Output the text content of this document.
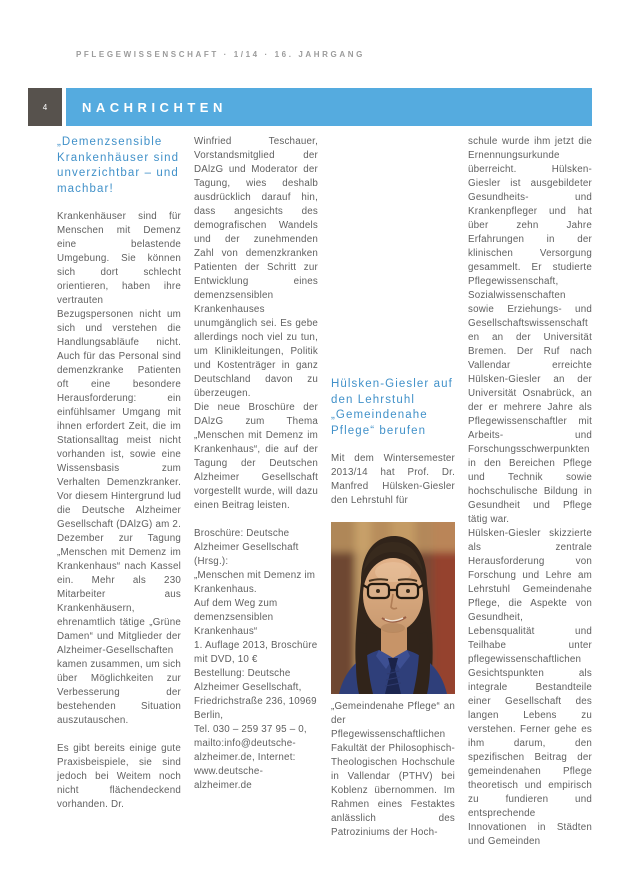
PFLEGEWISSENSCHAFT · 1/14 · 16. JAHRGANG
4	NACHRICHTEN
„Demenzsensible Krankenhäuser sind unverzichtbar – und machbar!

Krankenhäuser sind für Menschen mit Demenz eine belastende Umgebung. Sie können sich dort schlecht orientieren, haben ihre vertrauten Bezugspersonen nicht um sich und verstehen die Handlungsabläufe nicht. Auch für das Personal sind demenzkranke Patienten oft eine besondere Herausforderung: ein einfühlsamer Umgang mit ihnen erfordert Zeit, die im Stationsalltag meist nicht vorhanden ist, sowie eine Wissensbasis zum Verhalten Demenzkranker. Vor diesem Hintergrund lud die Deutsche Alzheimer Gesellschaft (DAlzG) am 2. Dezember zur Tagung „Menschen mit Demenz im Krankenhaus“ nach Kassel ein. Mehr als 230 Mitarbeiter aus Krankenhäusern, ehrenamtlich tätige „Grüne Damen“ und Mitglieder der Alzheimer-Gesellschaften kamen zusammen, um sich über Möglichkeiten zur Verbesserung der bestehenden Situation auszutauschen.

Es gibt bereits einige gute Praxisbeispiele, sie sind jedoch bei Weitem noch nicht flächendeckend vorhanden. Dr.

Winfried Teschauer, Vorstandsmitglied der DAlzG und Moderator der Tagung, wies deshalb ausdrücklich darauf hin, dass angesichts des demografischen Wandels und der zunehmenden Zahl von demenzkranken Patienten der Schritt zur Entwicklung eines demenzsensiblen Krankenhauses unumgänglich sei. Es gebe allerdings noch viel zu tun, um Klinikleitungen, Politik und Kostenträger in ganz Deutschland davon zu überzeugen.

Die neue Broschüre der DAlzG zum Thema „Menschen mit Demenz im Krankenhaus“, die auf der Tagung der Deutschen Alzheimer Gesellschaft vorgestellt wurde, will dazu einen Beitrag leisten.

Broschüre: Deutsche Alzheimer Gesellschaft (Hrsg.):
„Menschen mit Demenz im Krankenhaus.
Auf dem Weg zum demenzsensiblen Krankenhaus“
1. Auflage 2013, Broschüre mit DVD, 10 €
Bestellung: Deutsche Alzheimer Gesellschaft, Friedrichstraße 236, 10969 Berlin,
Tel. 030 – 259 37 95 – 0, mailto:info@deutsche-alzheimer.de, Internet: www.deutsche-alzheimer.de
Hülsken-Giesler auf den Lehrstuhl „Gemeindenahe Pflege“ berufen

Mit dem Wintersemester 2013/14 hat Prof. Dr. Manfred Hülsken-Giesler den Lehrstuhl für

„Gemeindenahe Pflege“ an der Pflegewissenschaftlichen Fakultät der Philosophisch-Theologischen Hochschule in Vallendar (PTHV) bei Koblenz übernommen. Im Rahmen eines Festaktes anlässlich des Patroziniums der Hoch-

schule wurde ihm jetzt die Ernennungsurkunde überreicht. Hülsken-Giesler ist ausgebildeter Gesundheits- und Krankenpfleger und hat über zehn Jahre Erfahrungen in der klinischen Versorgung gesammelt. Er studierte Pflegewissenschaft, Sozialwissenschaften sowie Erziehungs- und Gesellschaftswissenschaften an der Universität Bremen. Der Ruf nach Vallendar erreichte Hülsken-Giesler an der Universität Osnabrück, an der er mehrere Jahre als Pflegewissenschaftler mit Arbeits- und Forschungsschwerpunkten in den Bereichen Pflege und Technik sowie hochschulische Bildung in Gesundheit und Pflege tätig war.

Hülsken-Giesler skizzierte als zentrale Herausforderung von Forschung und Lehre am Lehrstuhl Gemeindenahe Pflege, die Aspekte von Gesundheit, Lebensqualität und Teilhabe unter pflegewissenschaftlichen Gesichtspunkten als integrale Bestandteile einer Gesellschaft des langen Lebens zu verstehen. Ferner gehe es ihm darum, den spezifischen Beitrag der gemeindenahen Pflege theoretisch und empirisch zu fundieren und entsprechende Innovationen in Städten und Gemeinden
